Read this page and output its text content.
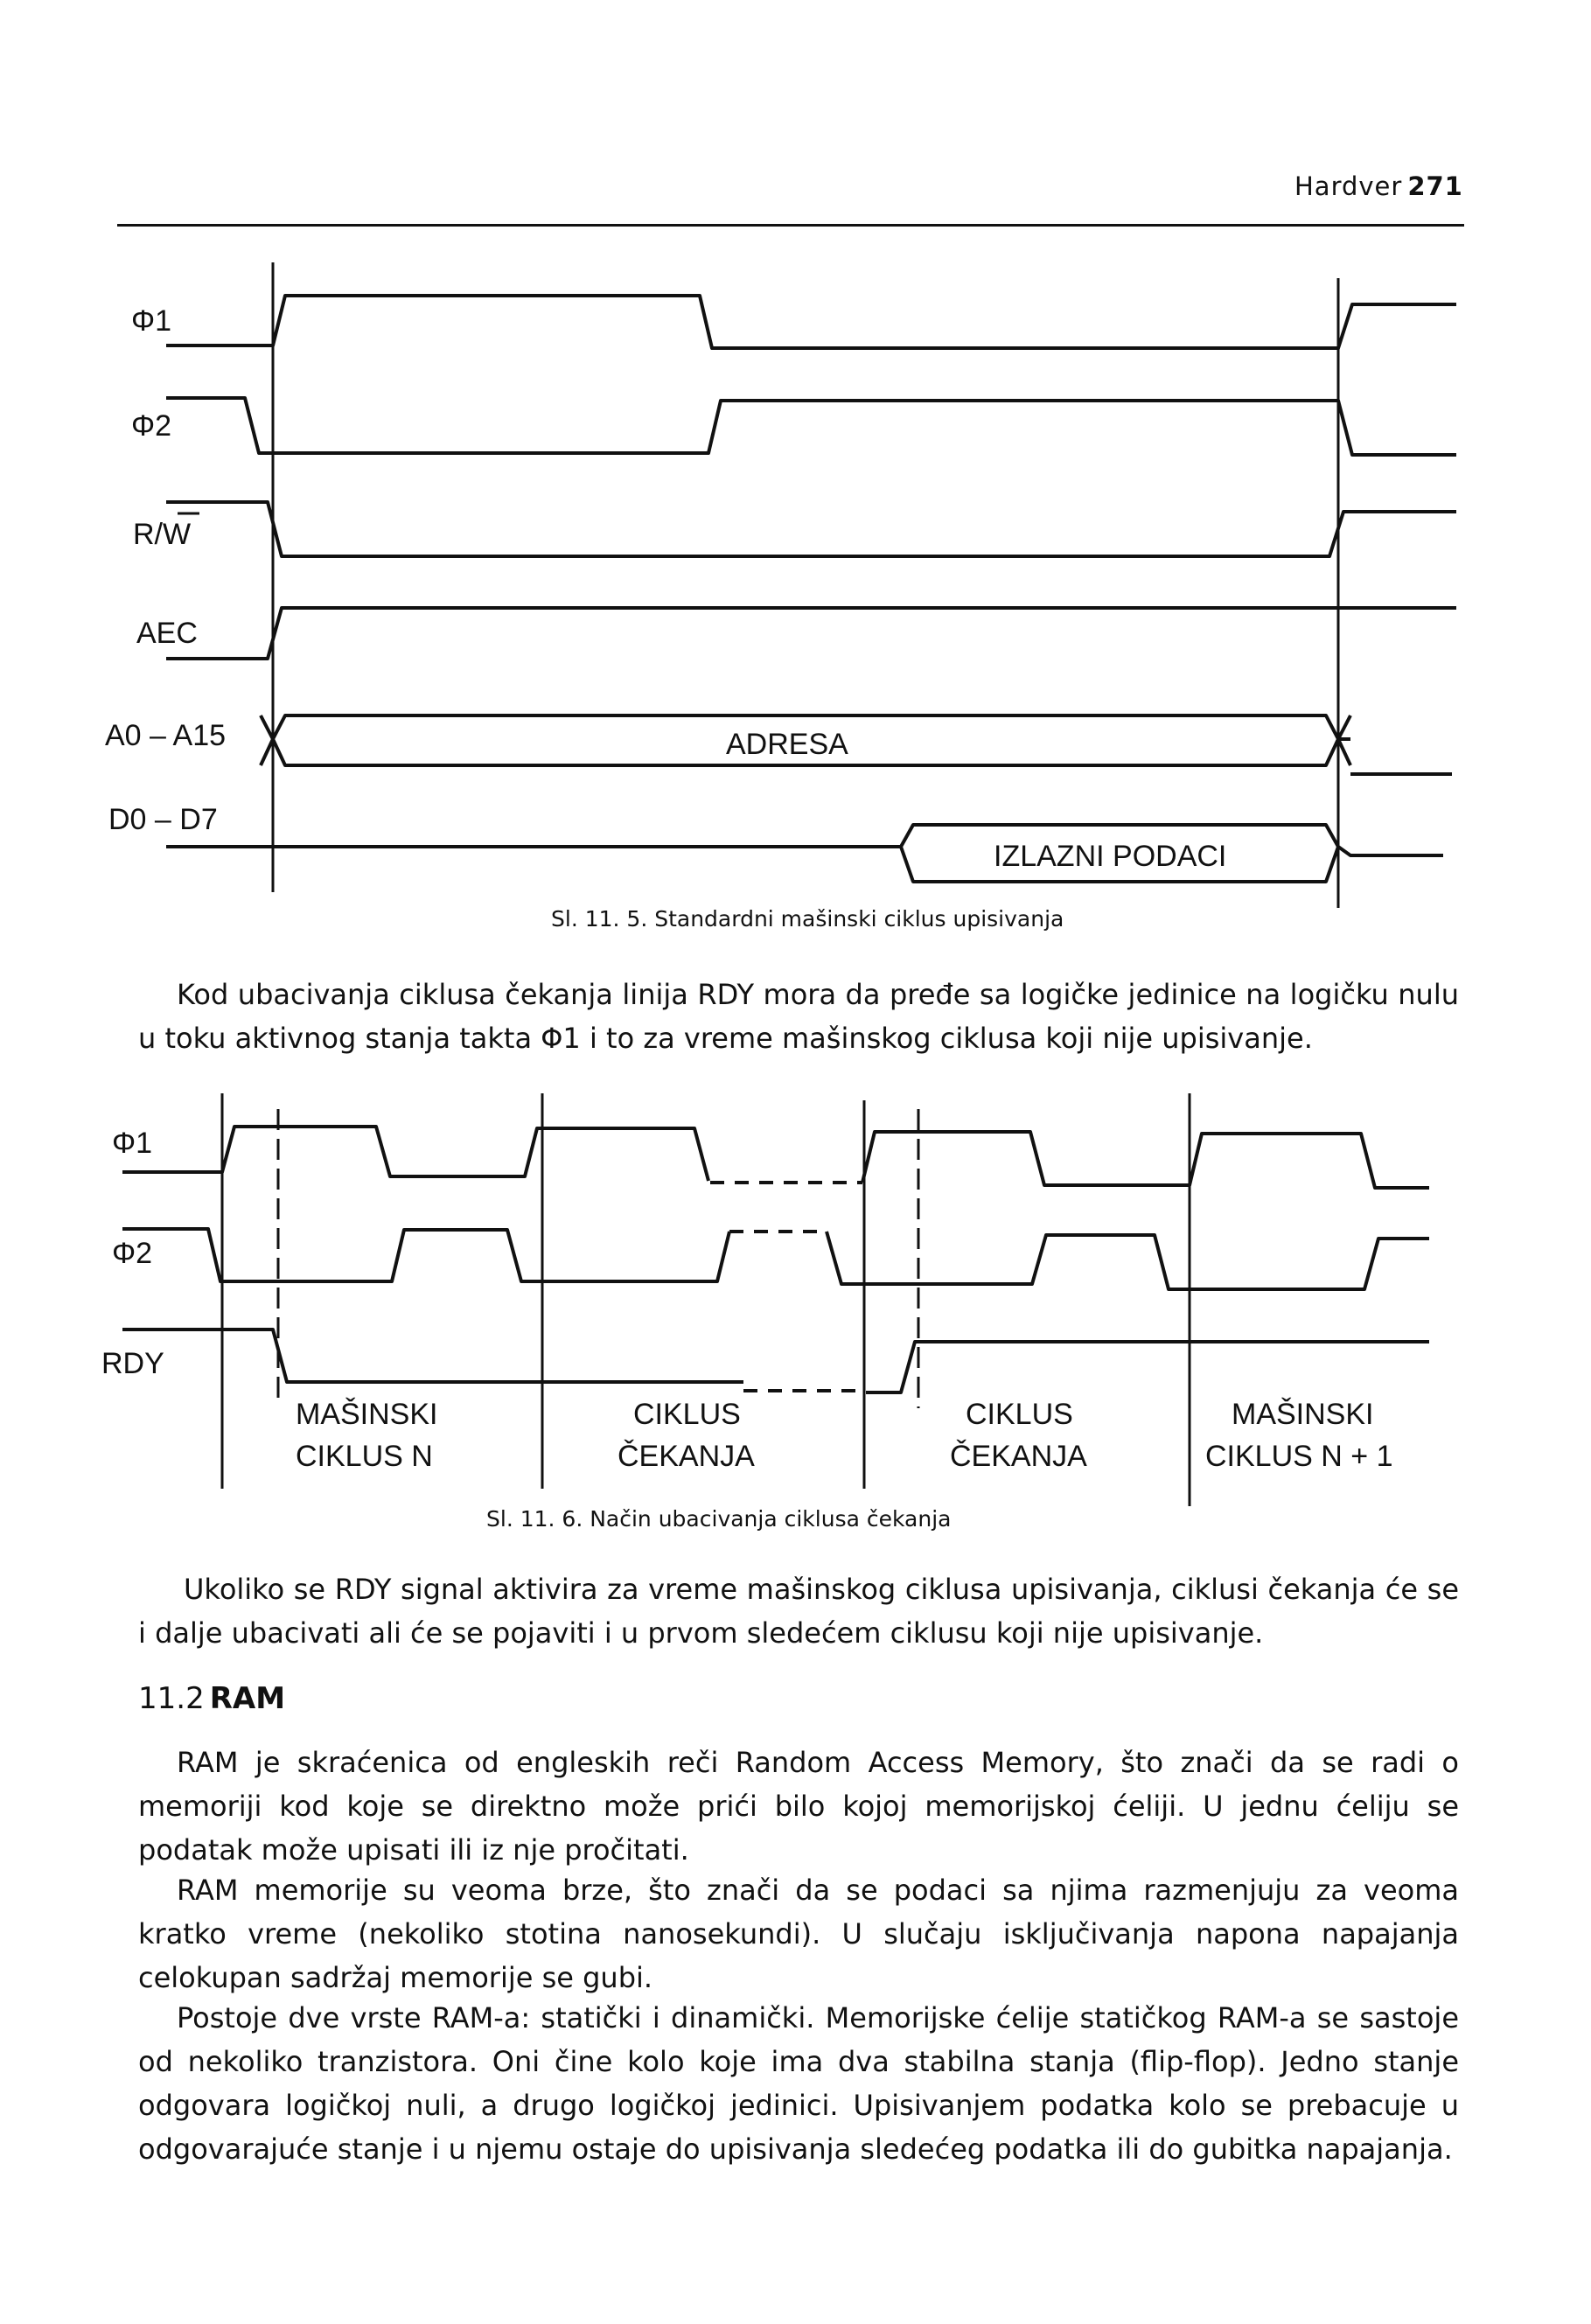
Hardver 271
Φ1
Φ2
R/W
AEC
A0 – A15
D0 – D7
ADRESA
IZLAZNI PODACI
Sl. 11. 5. Standardni mašinski ciklus upisivanja
Kod ubacivanja ciklusa čekanja linija RDY mora da pređe sa logičke jedinice na logičku nulu u toku aktivnog stanja takta Φ1 i to za vreme mašinskog ciklusa koji nije upisivanje.
Φ1
Φ2
RDY
MAŠINSKI
CIKLUS N
CIKLUS
ČEKANJA
CIKLUS
ČEKANJA
MAŠINSKI
CIKLUS N + 1
Sl. 11. 6. Način ubacivanja ciklusa čekanja
Ukoliko se RDY signal aktivira za vreme mašinskog ciklusa upisivanja, ciklusi čekanja će se i dalje ubacivati ali će se pojaviti i u prvom sledećem ciklusu koji nije upisivanje.
11.2 RAM
RAM je skraćenica od engleskih reči Random Access Memory, što znači da se radi o memoriji kod koje se direktno može prići bilo kojoj memorijskoj ćeliji. U jednu ćeliju se podatak može upisati ili iz nje pročitati.
RAM memorije su veoma brze, što znači da se podaci sa njima razmenjuju za veoma kratko vreme (nekoliko stotina nanosekundi). U slučaju isključivanja napona napajanja celokupan sadržaj memorije se gubi.
Postoje dve vrste RAM-a: statički i dinamički. Memorijske ćelije statičkog RAM-a se sastoje od nekoliko tranzistora. Oni čine kolo koje ima dva stabilna stanja (flip-flop). Jedno stanje odgovara logičkoj nuli, a drugo logičkoj jedinici. Upisivanjem podatka kolo se prebacuje u odgovarajuće stanje i u njemu ostaje do upisivanja sledećeg podatka ili do gubitka napajanja.
